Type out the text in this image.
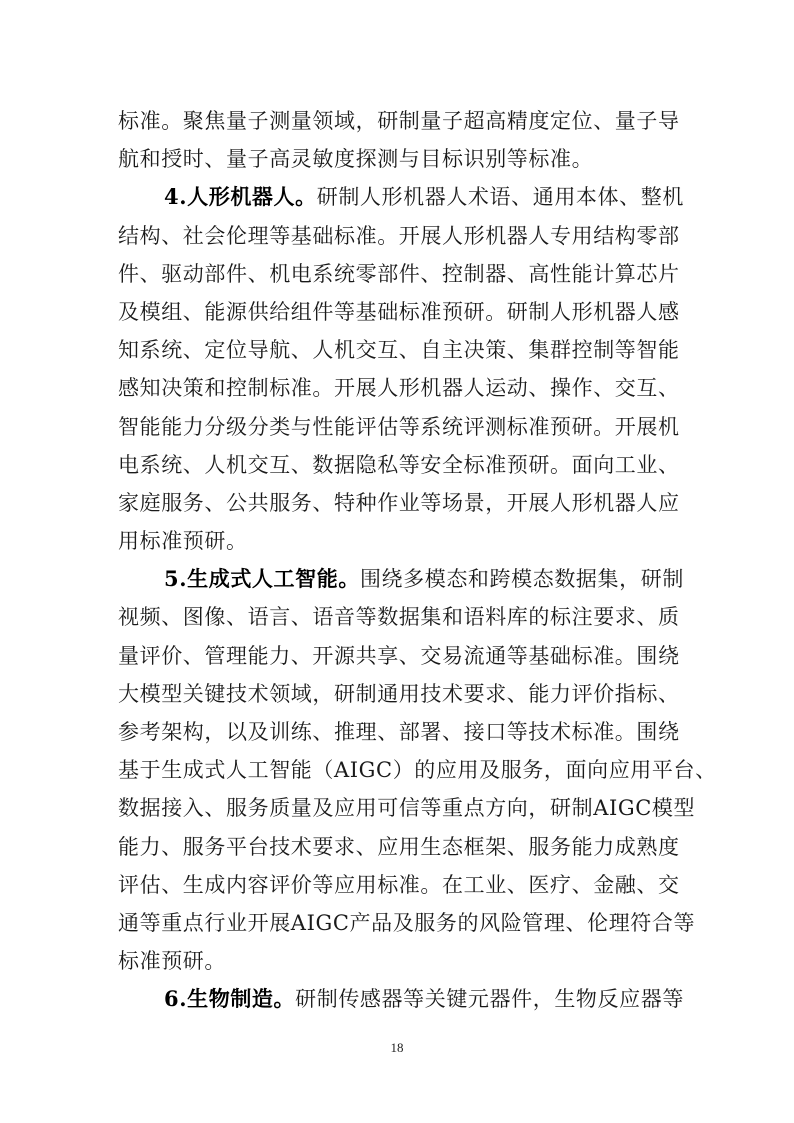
标准。聚焦量子测量领域，研制量子超高精度定位、量子导
航和授时、量子高灵敏度探测与目标识别等标准。
4.人形机器人。研制人形机器人术语、通用本体、整机
结构、社会伦理等基础标准。开展人形机器人专用结构零部
件、驱动部件、机电系统零部件、控制器、高性能计算芯片
及模组、能源供给组件等基础标准预研。研制人形机器人感
知系统、定位导航、人机交互、自主决策、集群控制等智能
感知决策和控制标准。开展人形机器人运动、操作、交互、
智能能力分级分类与性能评估等系统评测标准预研。开展机
电系统、人机交互、数据隐私等安全标准预研。面向工业、
家庭服务、公共服务、特种作业等场景，开展人形机器人应
用标准预研。
5.生成式人工智能。围绕多模态和跨模态数据集，研制
视频、图像、语言、语音等数据集和语料库的标注要求、质
量评价、管理能力、开源共享、交易流通等基础标准。围绕
大模型关键技术领域，研制通用技术要求、能力评价指标、
参考架构，以及训练、推理、部署、接口等技术标准。围绕
基于生成式人工智能（AIGC）的应用及服务，面向应用平台、
数据接入、服务质量及应用可信等重点方向，研制AIGC模型
能力、服务平台技术要求、应用生态框架、服务能力成熟度
评估、生成内容评价等应用标准。在工业、医疗、金融、交
通等重点行业开展AIGC产品及服务的风险管理、伦理符合等
标准预研。
6.生物制造。研制传感器等关键元器件，生物反应器等
18
